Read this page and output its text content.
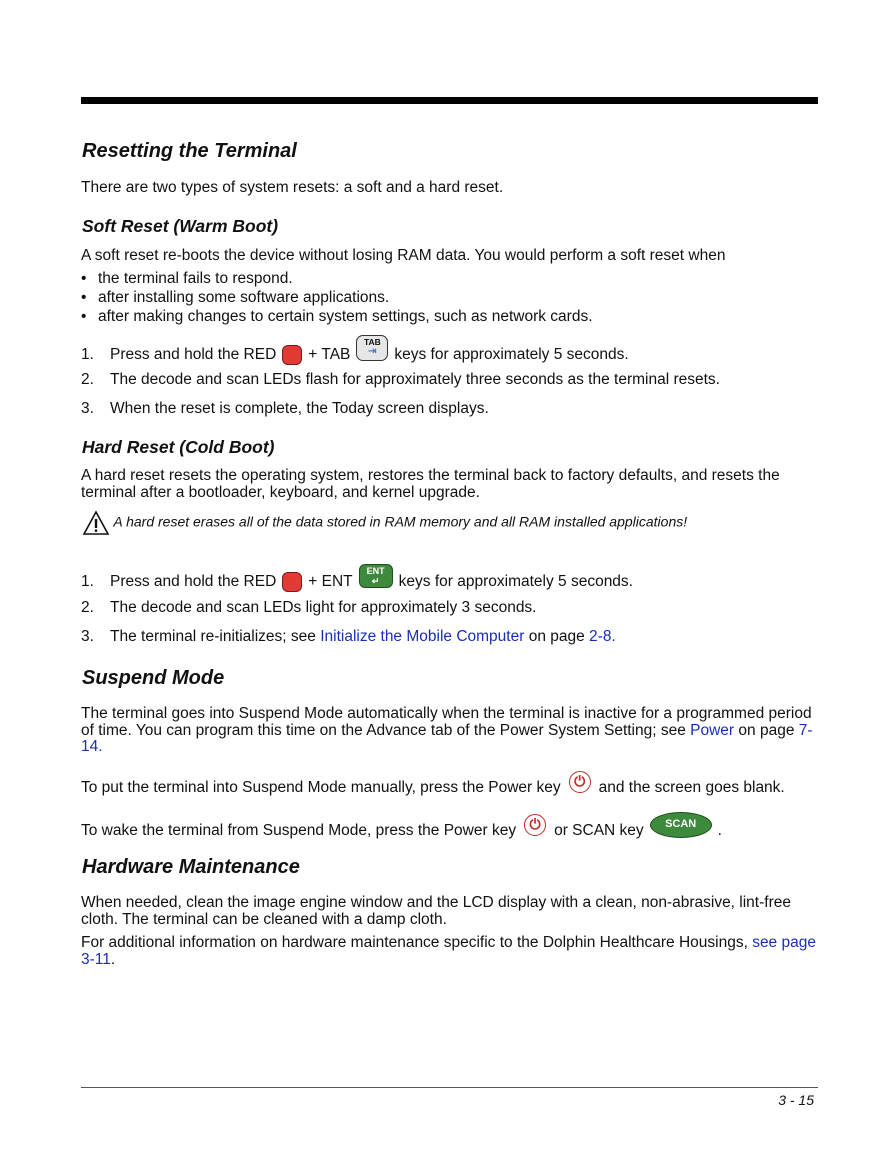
Resetting the Terminal
There are two types of system resets: a soft and a hard reset.
Soft Reset (Warm Boot)
A soft reset re-boots the device without losing RAM data. You would perform a soft reset when
• the terminal fails to respond.
• after installing some software applications.
• after making changes to certain system settings, such as network cards.
1. Press and hold the RED + TABTAB
⇥	keys for approximately 5 seconds.
2. The decode and scan LEDs flash for approximately three seconds as the terminal resets.
3. When the reset is complete, the Today screen displays.
Hard Reset (Cold Boot)

A hard reset resets the operating system, restores the terminal back to factory defaults, and resets the terminal after a bootloader, keyboard, and kernel upgrade.

A hard reset erases all of the data stored in RAM memory and all RAM installed applications!
1. Press and hold the RED + ENTENT
↵ keys for approximately 5 seconds.
2. The decode and scan LEDs light for approximately 3 seconds.
3. The terminal re-initializes; see Initialize the Mobile Computer on page 2-8.
Suspend Mode

The terminal goes into Suspend Mode automatically when the terminal is inactive for a programmed period of time. You can program this time on the Advance tab of the Power System Setting; see Power on page 7-14.

To put the terminal into Suspend Mode manually, press the Power key ⏻ and the screen goes blank.
To wake the terminal from Suspend Mode, press the Power key ⏻ or SCAN key SCAN .
Hardware Maintenance

When needed, clean the image engine window and the LCD display with a clean, non-abrasive, lint-free cloth. The terminal can be cleaned with a damp cloth.

For additional information on hardware maintenance specific to the Dolphin Healthcare Housings, see page 3-11.

3 - 15
